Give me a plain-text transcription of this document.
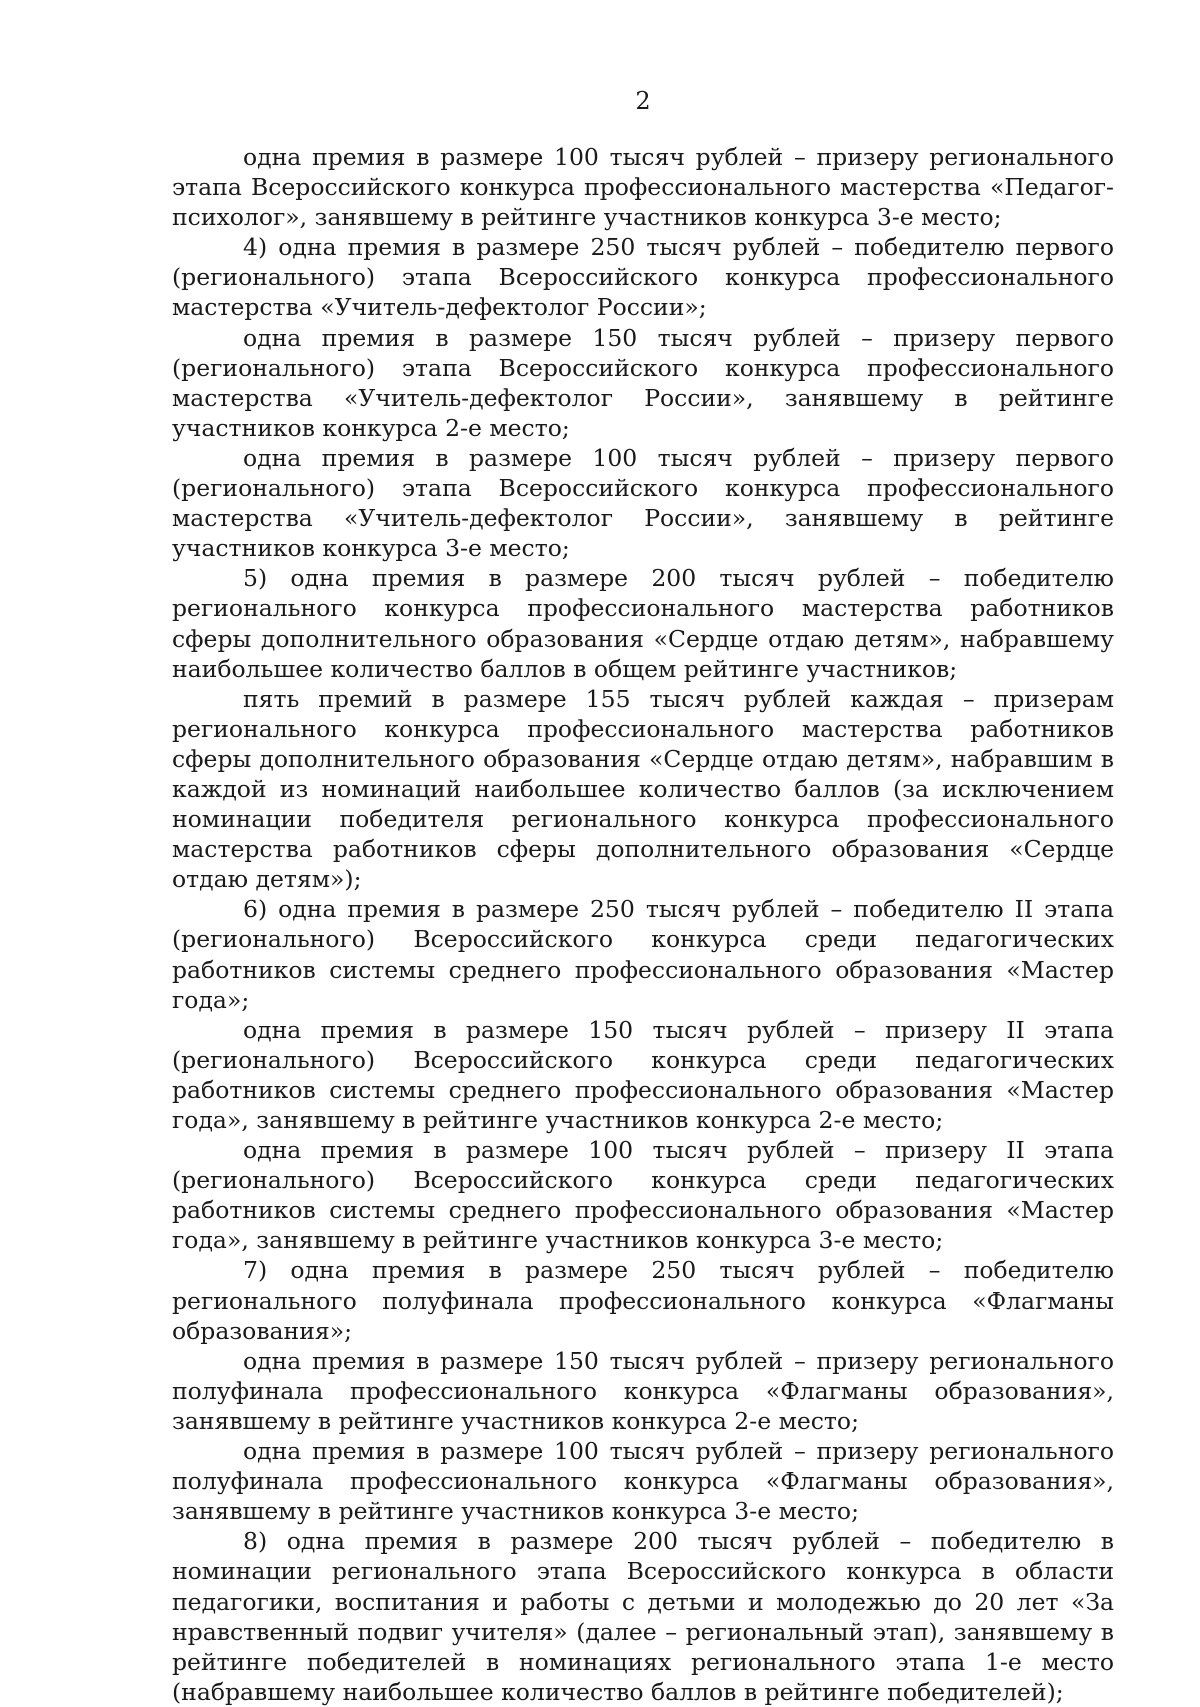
2

одна премия в размере 100 тысяч рублей – призеру регионального этапа Всероссийского конкурса профессионального мастерства «Педагог-психолог», занявшему в рейтинге участников конкурса 3-е место;

4) одна премия в размере 250 тысяч рублей – победителю первого (регионального) этапа Всероссийского конкурса профессионального мастерства «Учитель-дефектолог России»;

одна премия в размере 150 тысяч рублей – призеру первого (регионального) этапа Всероссийского конкурса профессионального мастерства «Учитель-дефектолог России», занявшему в рейтинге участников конкурса 2-е место;

одна премия в размере 100 тысяч рублей – призеру первого (регионального) этапа Всероссийского конкурса профессионального мастерства «Учитель-дефектолог России», занявшему в рейтинге участников конкурса 3-е место;

5) одна премия в размере 200 тысяч рублей – победителю регионального конкурса профессионального мастерства работников сферы дополнительного образования «Сердце отдаю детям», набравшему наибольшее количество баллов в общем рейтинге участников;

пять премий в размере 155 тысяч рублей каждая – призерам регионального конкурса профессионального мастерства работников сферы дополнительного образования «Сердце отдаю детям», набравшим в каждой из номинаций наибольшее количество баллов (за исключением номинации победителя регионального конкурса профессионального мастерства работников сферы дополнительного образования «Сердце отдаю детям»);

6) одна премия в размере 250 тысяч рублей – победителю II этапа (регионального) Всероссийского конкурса среди педагогических работников системы среднего профессионального образования «Мастер года»;

одна премия в размере 150 тысяч рублей – призеру II этапа (регионального) Всероссийского конкурса среди педагогических работников системы среднего профессионального образования «Мастер года», занявшему в рейтинге участников конкурса 2-е место;

одна премия в размере 100 тысяч рублей – призеру II этапа (регионального) Всероссийского конкурса среди педагогических работников системы среднего профессионального образования «Мастер года», занявшему в рейтинге участников конкурса 3-е место;

7) одна премия в размере 250 тысяч рублей – победителю регионального полуфинала профессионального конкурса «Флагманы образования»;

одна премия в размере 150 тысяч рублей – призеру регионального полуфинала профессионального конкурса «Флагманы образования», занявшему в рейтинге участников конкурса 2-е место;

одна премия в размере 100 тысяч рублей – призеру регионального полуфинала профессионального конкурса «Флагманы образования», занявшему в рейтинге участников конкурса 3-е место;

8) одна премия в размере 200 тысяч рублей – победителю в номинации регионального этапа Всероссийского конкурса в области педагогики, воспитания и работы с детьми и молодежью до 20 лет «За нравственный подвиг учителя» (далее – региональный этап), занявшему в рейтинге победителей в номинациях регионального этапа 1-е место (набравшему наибольшее количество баллов в рейтинге победителей);
